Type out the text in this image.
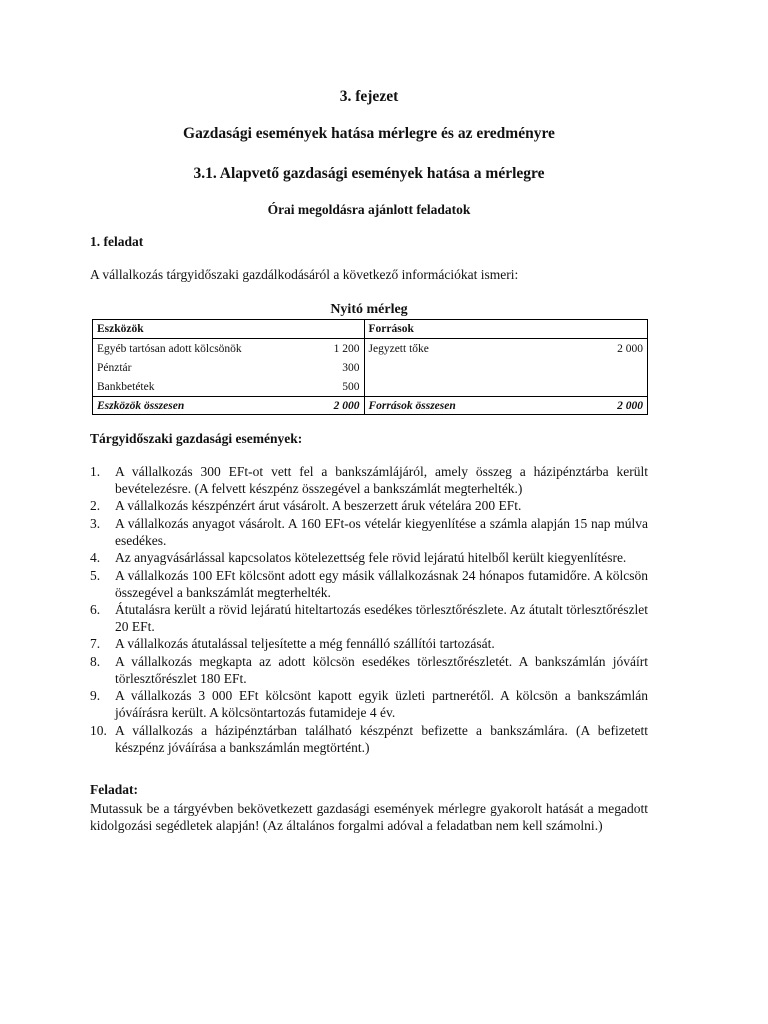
3. fejezet
Gazdasági események hatása mérlegre és az eredményre
3.1. Alapvető gazdasági események hatása a mérlegre
Órai megoldásra ajánlott feladatok
1. feladat
A vállalkozás tárgyidőszaki gazdálkodásáról a következő információkat ismeri:
Nyitó mérleg
Eszközök		Források	
Egyéb tartósan adott kölcsönök	1 200	Jegyzett tőke	2 000
Pénztár	300		
Bankbetétek	500		
Eszközök összesen	2 000	Források összesen	2 000
Tárgyidőszaki gazdasági események:
1. A vállalkozás 300 EFt-ot vett fel a bankszámlájáról, amely összeg a házipénztárba került bevételezésre. (A felvett készpénz összegével a bankszámlát megterhelték.)
2. A vállalkozás készpénzért árut vásárolt. A beszerzett áruk vételára 200 EFt.
3. A vállalkozás anyagot vásárolt. A 160 EFt-os vételár kiegyenlítése a számla alapján 15 nap múlva esedékes.
4. Az anyagvásárlással kapcsolatos kötelezettség fele rövid lejáratú hitelből került kiegyenlítésre.
5. A vállalkozás 100 EFt kölcsönt adott egy másik vállalkozásnak 24 hónapos futamidőre. A kölcsön összegével a bankszámlát megterhelték.
6. Átutalásra került a rövid lejáratú hiteltartozás esedékes törlesztőrészlete. Az átutalt törlesztőrészlet 20 EFt.
7. A vállalkozás átutalással teljesítette a még fennálló szállítói tartozását.
8. A vállalkozás megkapta az adott kölcsön esedékes törlesztőrészletét. A bankszámlán jóváírt törlesztőrészlet 180 EFt.
9. A vállalkozás 3 000 EFt kölcsönt kapott egyik üzleti partnerétől. A kölcsön a bankszámlán jóváírásra került. A kölcsöntartozás futamideje 4 év.
10. A vállalkozás a házipénztárban található készpénzt befizette a bankszámlára. (A befizetett készpénz jóváírása a bankszámlán megtörtént.)
Feladat:
Mutassuk be a tárgyévben bekövetkezett gazdasági események mérlegre gyakorolt hatását a megadott kidolgozási segédletek alapján! (Az általános forgalmi adóval a feladatban nem kell számolni.)
